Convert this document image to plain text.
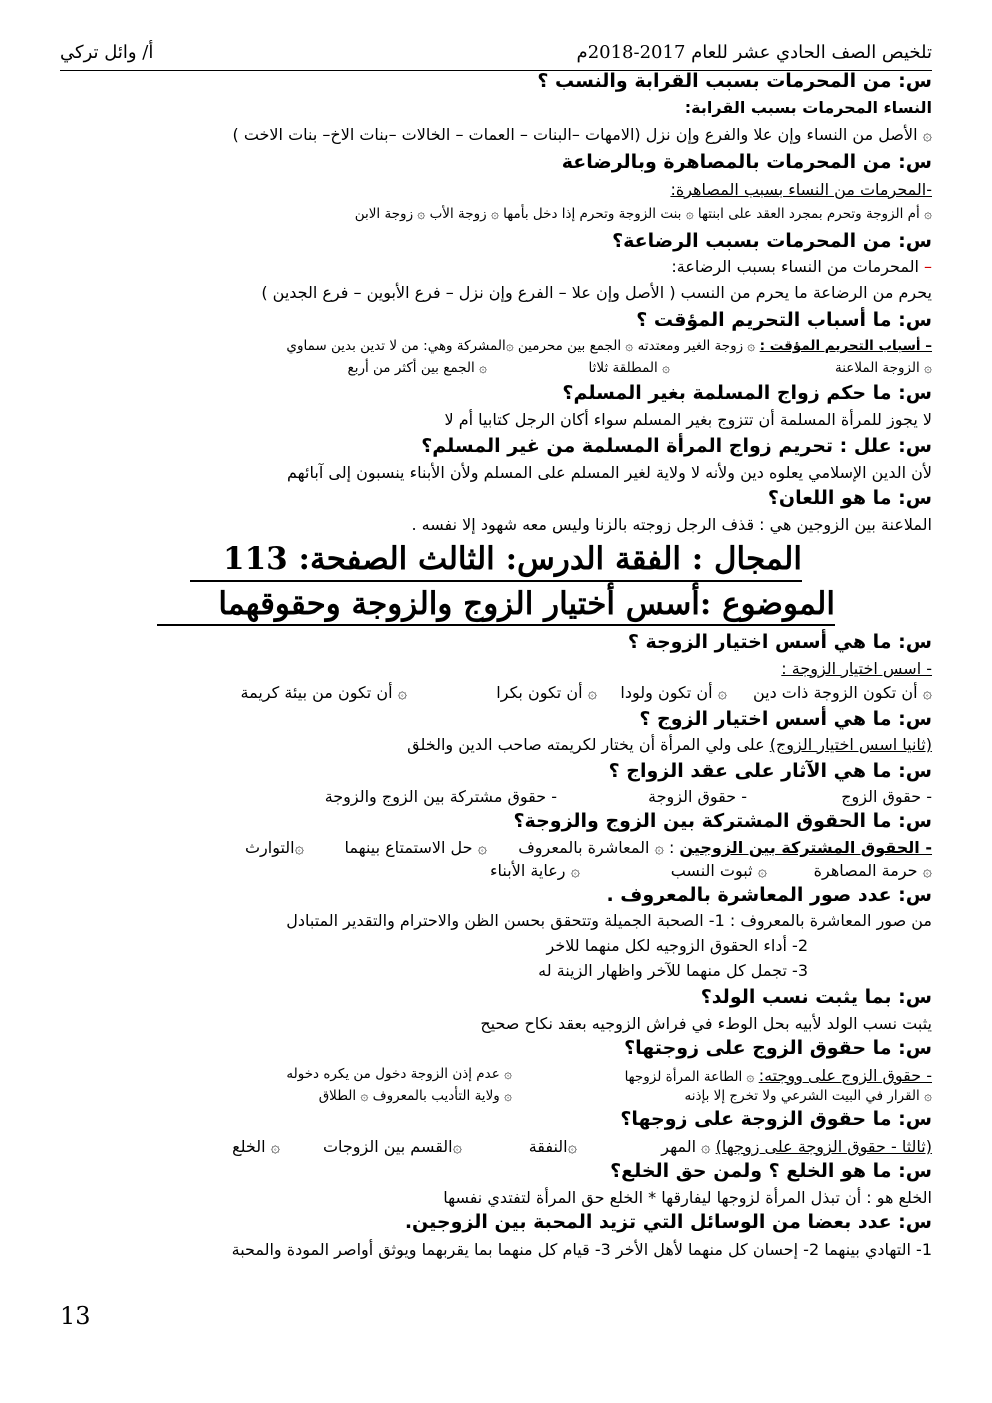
تلخيص الصف الحادي عشر للعام 2017-2018م
أ/ وائل تركي
س: من المحرمات بسبب القرابة والنسب ؟
النساء المحرمات بسبب القرابة:
۞ الأصل من النساء وإن علا والفرع وإن نزل (الامهات –البنات – العمات – الخالات –بنات الاخ– بنات الاخت )
س: من المحرمات بالمصاهرة وبالرضاعة
-المحرمات من النساء بسبب المصاهرة:
۞ أم الزوجة وتحرم بمجرد العقد على ابنتها ۞ بنت الزوجة وتحرم إذا دخل بأمها ۞ زوجة الأب ۞ زوجة الابن
س: من المحرمات بسبب الرضاعة؟
– المحرمات من النساء بسبب الرضاعة:
يحرم من الرضاعة ما يحرم من النسب ( الأصل وإن علا – الفرع وإن نزل – فرع الأبوين – فرع الجدين )
س: ما أسباب التحريم المؤقت ؟
– أسباب التحريم المؤقت : ۞ زوجة الغير ومعتدته ۞ الجمع بين محرمين ۞المشركة وهي: من لا تدين بدين سماوي
۞ الزوجة الملاعنة
۞ المطلقة ثلاثا
۞ الجمع بين أكثر من أربع
س: ما حكم زواج المسلمة بغير المسلم؟
لا يجوز للمرأة المسلمة أن تتزوج بغير المسلم سواء أكان الرجل كتابيا أم لا
س: علل : تحريم زواج المرأة المسلمة من غير المسلم؟
لأن الدين الإسلامي يعلوه دين ولأنه لا ولاية لغير المسلم على المسلم ولأن الأبناء ينسبون إلى آبائهم
س: ما هو اللعان؟
الملاعنة بين الزوجين هي : قذف الرجل زوجته بالزنا وليس معه شهود إلا نفسه .
المجال : الفقة الدرس: الثالث الصفحة: 113
الموضوع :أسس أختيار الزوج والزوجة وحقوقهما
س: ما هي أسس اختيار الزوجة ؟
- اسس اختيار الزوجة :
۞ أن تكون الزوجة ذات دين
۞ أن تكون ولودا
۞ أن تكون بكرا
۞ أن تكون من بيئة كريمة
س: ما هي أسس اختيار الزوج ؟
(ثانيا اسس اختيار الزوج) على ولي المرأة أن يختار لكريمته صاحب الدين والخلق
س: ما هي الآثار على عقد الزواج ؟
- حقوق الزوج
- حقوق الزوجة
- حقوق مشتركة بين الزوج والزوجة
س: ما الحقوق المشتركة بين الزوج والزوجة؟
- الحقوق المشتركة بين الزوجين : ۞ المعاشرة بالمعروف
۞ حل الاستمتاع بينهما
۞التوارث
۞ حرمة المصاهرة
۞ ثبوت النسب
۞ رعاية الأبناء
س: عدد صور المعاشرة بالمعروف .
من صور المعاشرة بالمعروف : 1- الصحبة الجميلة وتتحقق بحسن الظن والاحترام والتقدير المتبادل
2- أداء الحقوق الزوجيه لكل منهما للاخر
3- تجمل كل منهما للآخر واظهار الزينة له
س: بما يثبت نسب الولد؟
يثبت نسب الولد لأبيه بحل الوطء في فراش الزوجيه بعقد نكاح صحيح
س: ما حقوق الزوج على زوجتها؟
- حقوق الزوج على ووجته: ۞ الطاعة المرأة لزوجها
۞ عدم إذن الزوجة دخول من يكره دخوله
۞ القرار في البيت الشرعي ولا تخرج إلا بإذنه
۞ ولاية التأديب بالمعروف ۞ الطلاق
س: ما حقوق الزوجة على زوجها؟
(ثالثا - حقوق الزوجة على زوجها) ۞ المهر
۞النفقة
۞القسم بين الزوجات
۞ الخلع
س: ما هو الخلع ؟ ولمن حق الخلع؟
الخلع هو : أن تبذل المرأة لزوجها ليفارقها * الخلع حق المرأة لتفتدي نفسها
س: عدد بعضا من الوسائل التي تزيد المحبة بين الزوجين.
1- التهادي بينهما 2- إحسان كل منهما لأهل الأخر 3- قيام كل منهما بما يقربهما ويوثق أواصر المودة والمحبة
13
